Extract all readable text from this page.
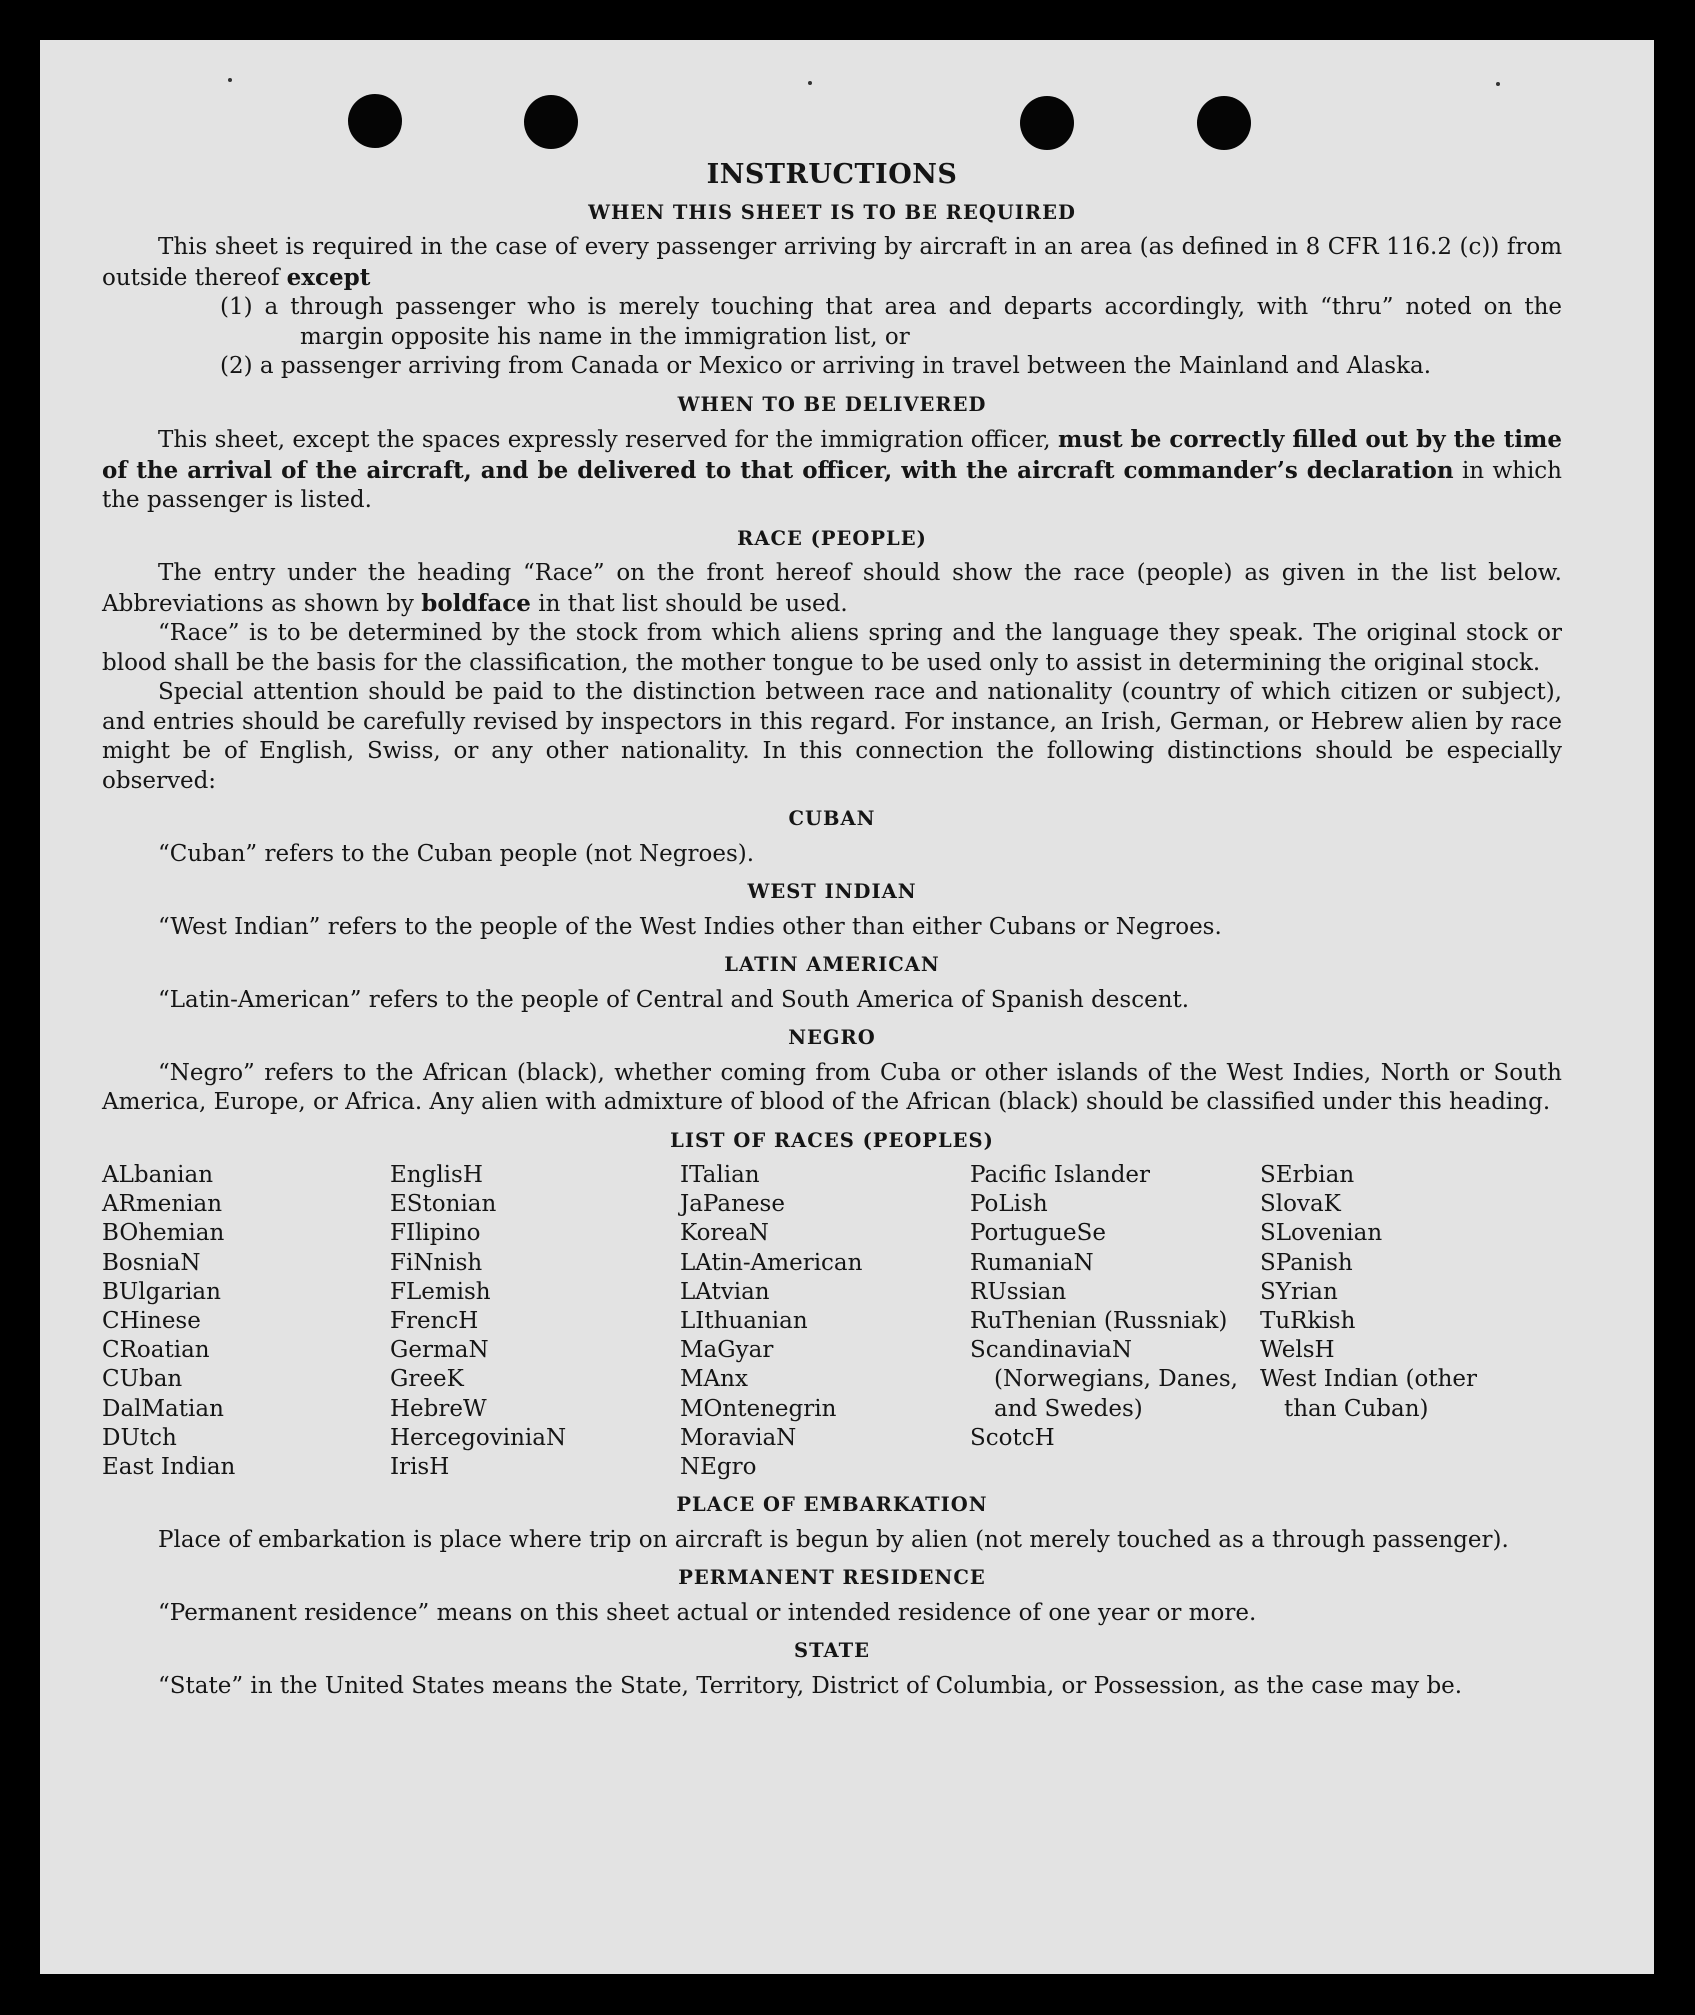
INSTRUCTIONS
WHEN THIS SHEET IS TO BE REQUIRED

This sheet is required in the case of every passenger arriving by aircraft in an area (as defined in 8 CFR 116.2 (c)) from outside thereof except

(1) a through passenger who is merely touching that area and departs accordingly, with “thru” noted on the margin opposite his name in the immigration list, or

(2) a passenger arriving from Canada or Mexico or arriving in travel between the Mainland and Alaska.

WHEN TO BE DELIVERED

This sheet, except the spaces expressly reserved for the immigration officer, must be correctly filled out by the time of the arrival of the aircraft, and be delivered to that officer, with the aircraft commander’s declaration in which the passenger is listed.

RACE (PEOPLE)

The entry under the heading “Race” on the front hereof should show the race (people) as given in the list below. Abbreviations as shown by boldface in that list should be used.

“Race” is to be determined by the stock from which aliens spring and the language they speak. The original stock or blood shall be the basis for the classification, the mother tongue to be used only to assist in determining the original stock.

Special attention should be paid to the distinction between race and nationality (country of which citizen or subject), and entries should be carefully revised by inspectors in this regard. For instance, an Irish, German, or Hebrew alien by race might be of English, Swiss, or any other nationality. In this connection the following distinctions should be especially observed:

CUBAN

“Cuban” refers to the Cuban people (not Negroes).

WEST INDIAN

“West Indian” refers to the people of the West Indies other than either Cubans or Negroes.

LATIN AMERICAN

“Latin-American” refers to the people of Central and South America of Spanish descent.

NEGRO

“Negro” refers to the African (black), whether coming from Cuba or other islands of the West Indies, North or South America, Europe, or Africa. Any alien with admixture of blood of the African (black) should be classified under this heading.

LIST OF RACES (PEOPLES)
ALbanian
ARmenian
BOhemian
BosniaN
BUlgarian
CHinese
CRoatian
CUban
DalMatian
DUtch
East Indian
EnglisH
EStonian
FIlipino
FiNnish
FLemish
FrencH
GermaN
GreeK
HebreW
HercegoviniaN
IrisH
ITalian
JaPanese
KoreaN
LAtin-American
LAtvian
LIthuanian
MaGyar
MAnx
MOntenegrin
MoraviaN
NEgro
Pacific Islander
PoLish
PortugueSe
RumaniaN
RUssian
RuThenian (Russniak)
ScandinaviaN (Norwegians, Danes, and Swedes)
ScotcH
SErbian
SlovaK
SLovenian
SPanish
SYrian
TuRkish
WelsH
West Indian (other than Cuban)
PLACE OF EMBARKATION

Place of embarkation is place where trip on aircraft is begun by alien (not merely touched as a through passenger).

PERMANENT RESIDENCE

“Permanent residence” means on this sheet actual or intended residence of one year or more.

STATE

“State” in the United States means the State, Territory, District of Columbia, or Possession, as the case may be.
